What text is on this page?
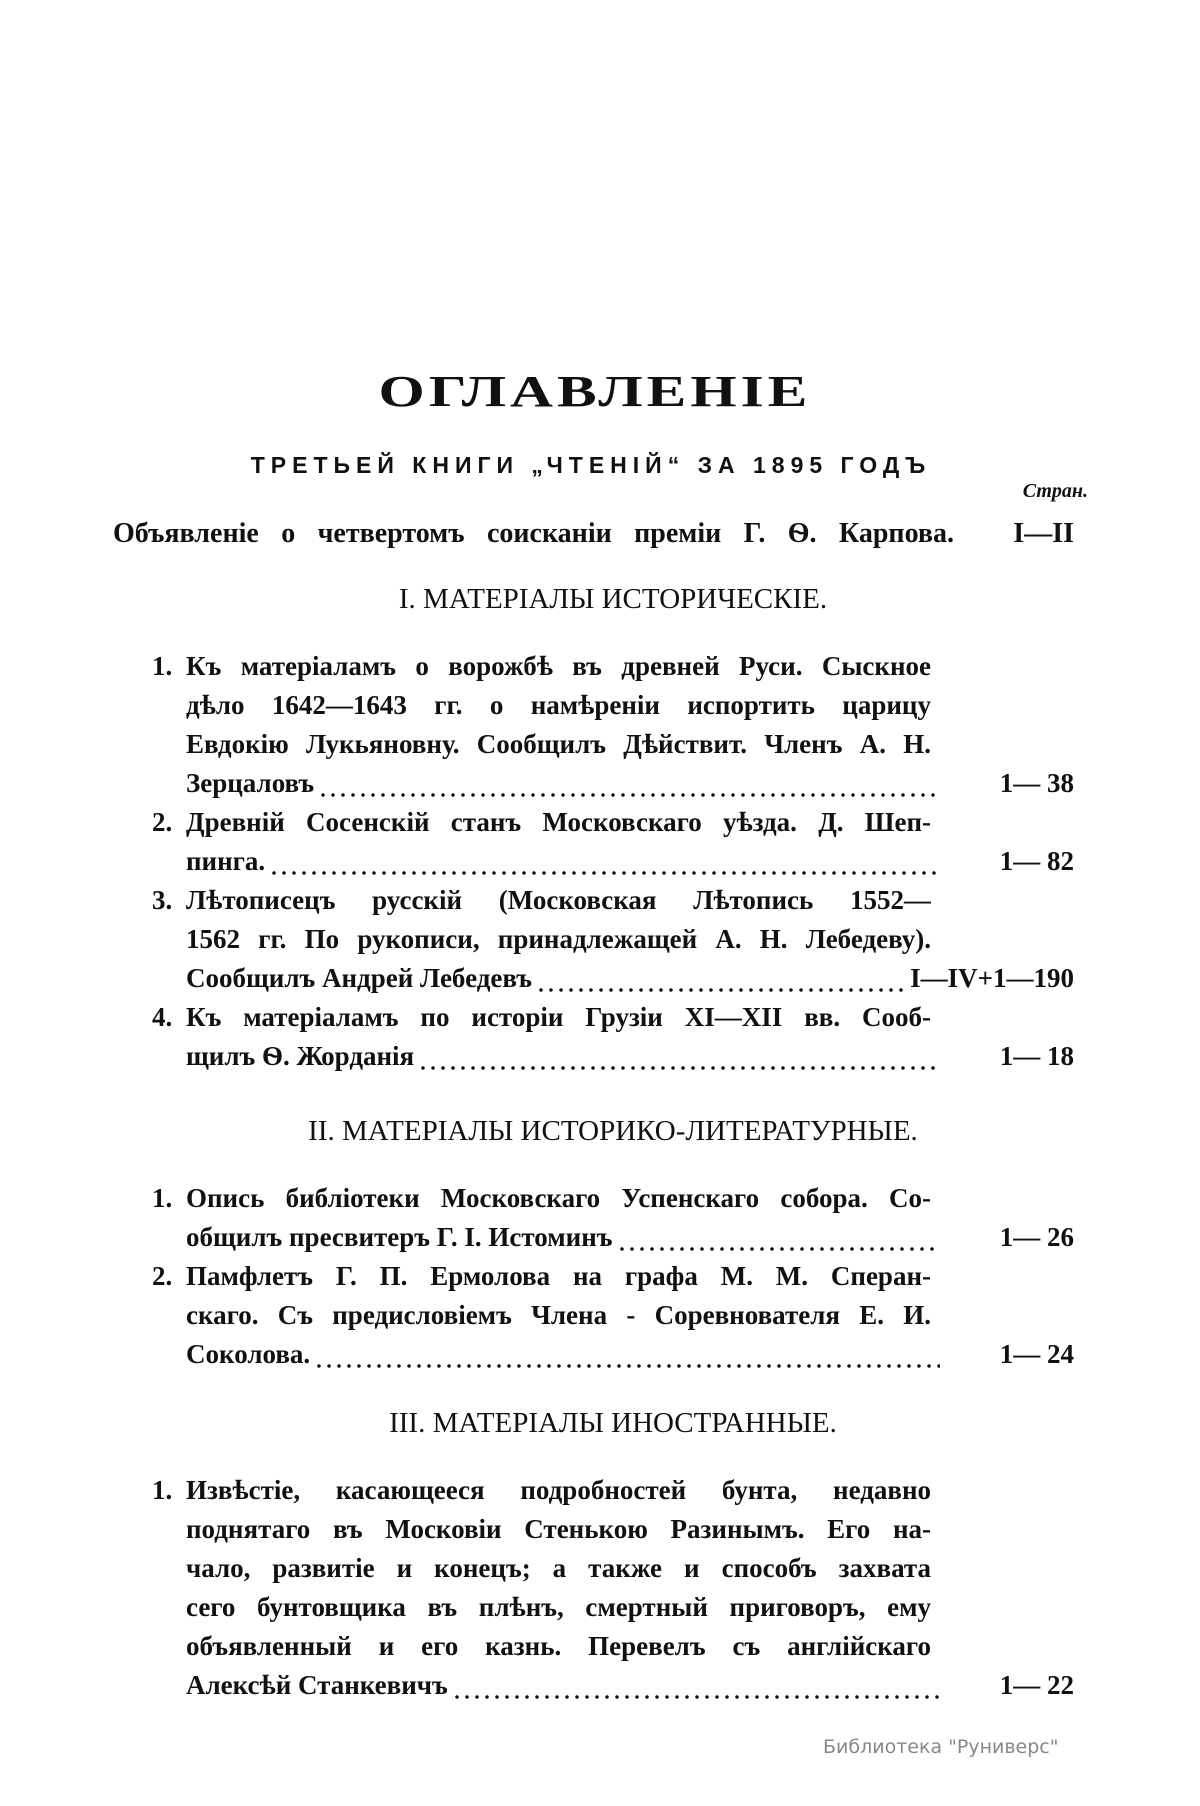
ОГЛАВЛЕНІЕ
ТРЕТЬЕЙ КНИГИ „ЧТЕНІЙ“ ЗА 1895 ГОДЪ
Стран.
Объявленіе о четвертомъ соисканіи преміи Г. Ѳ. Карпова.	I—II
I. МАТЕРІАЛЫ ИСТОРИЧЕСКІЕ.
1. Къ матеріаламъ о ворожбѣ въ древней Руси. Сыскное
дѣло 1642—1643 гг. о намѣреніи испортить царицу
Евдокію Лукьяновну. Сообщилъ Дѣйствит. Членъ А. Н.
Зерцаловъ	1— 38
2. Древній Сосенскій станъ Московскаго уѣзда. Д. Шеп-
пинга.	1— 82
3. Лѣтописецъ русскій (Московская Лѣтопись 1552—
1562 гг. По рукописи, принадлежащей А. Н. Лебедеву).
Сообщилъ Андрей Лебедевъ	I—IV+1—190
4. Къ матеріаламъ по исторіи Грузіи XI—XII вв. Сооб-
щилъ Ѳ. Жорданія	1— 18
II. МАТЕРІАЛЫ ИСТОРИКО-ЛИТЕРАТУРНЫЕ.
1. Опись библіотеки Московскаго Успенскаго собора. Со-
общилъ пресвитеръ Г. I. Истоминъ	1— 26
2. Памфлетъ Г. П. Ермолова на графа М. М. Сперан-
скаго. Съ предисловіемъ Члена - Соревнователя Е. И.
Соколова.	1— 24
III. МАТЕРІАЛЫ ИНОСТРАННЫЕ.
1. Извѣстіе, касающееся подробностей бунта, недавно
поднятаго въ Московіи Стенькою Разинымъ. Его на-
чало, развитіе и конецъ; а также и способъ захвата
сего бунтовщика въ плѣнъ, смертный приговоръ, ему
объявленный и его казнь. Перевелъ съ англійскаго
Алексѣй Станкевичъ	1— 22
Библиотека "Руниверс"
